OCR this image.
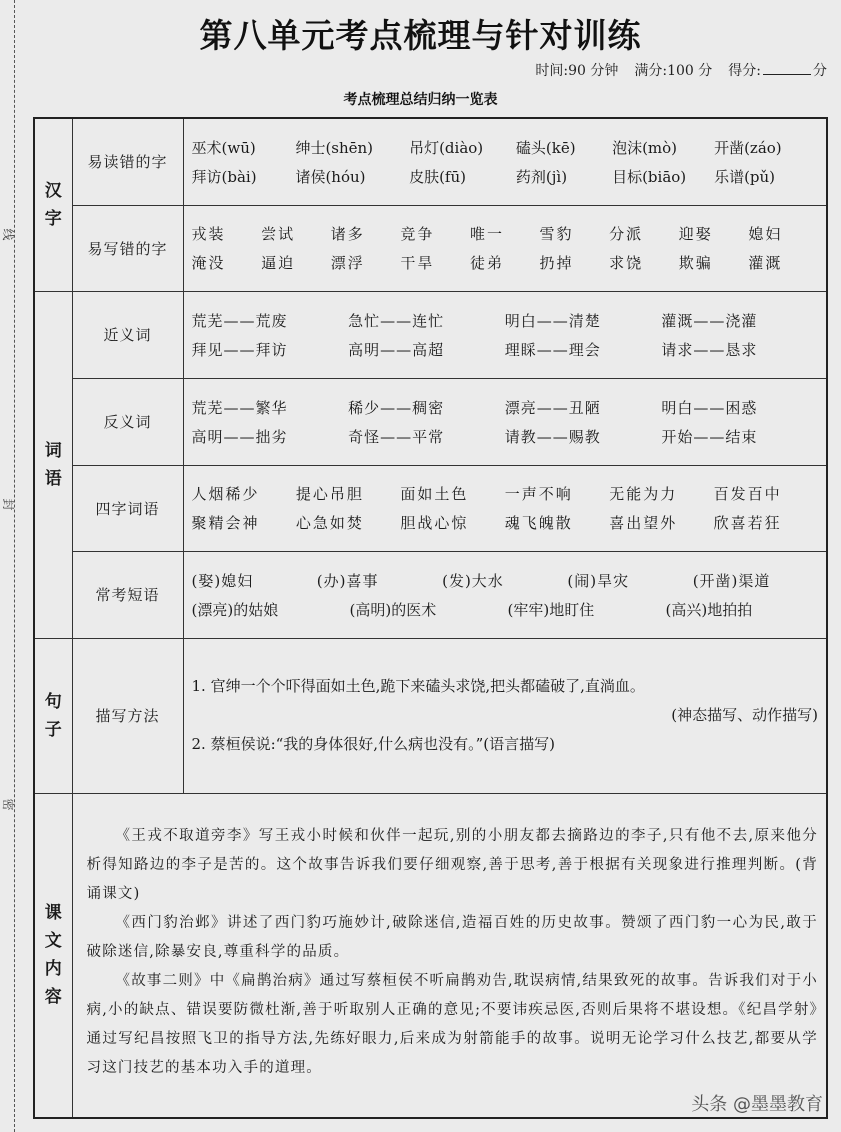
线
封
密
第八单元考点梳理与针对训练
时间:90 分钟 满分:100 分 得分:	分
考点梳理总结归纳一览表
汉字
	易读错的字	
巫术(wū)	绅士(shēn)	吊灯(diào)	磕头(kē)	泡沫(mò)	开凿(záo)
拜访(bài)	诸侯(hóu)	皮肤(fū)	药剂(jì)	目标(biāo)	乐谱(pǔ)

易写错的字	
戎装	尝试	诸多	竞争	唯一	雪豹	分派	迎娶	媳妇
淹没	逼迫	漂浮	干旱	徒弟	扔掉	求饶	欺骗	灌溉

词语
	近义词	
荒芜——荒废	急忙——连忙	明白——清楚	灌溉——浇灌
拜见——拜访	高明——高超	理睬——理会	请求——恳求

反义词	
荒芜——繁华	稀少——稠密	漂亮——丑陋	明白——困惑
高明——拙劣	奇怪——平常	请教——赐教	开始——结束

四字词语	
人烟稀少	提心吊胆	面如土色	一声不响	无能为力	百发百中
聚精会神	心急如焚	胆战心惊	魂飞魄散	喜出望外	欣喜若狂

常考短语	
(娶)媳妇	(办)喜事	(发)大水	(闹)旱灾	(开凿)渠道
(漂亮)的姑娘	(高明)的医术	(牢牢)地盯住	(高兴)地拍拍

句子	描写方法	1. 官绅一个个吓得面如土色,跪下来磕头求饶,把头都磕破了,直淌血。
(神态描写、动作描写)
2. 蔡桓侯说:“我的身体很好,什么病也没有。”(语言描写)

课文内容	《王戎不取道旁李》写王戎小时候和伙伴一起玩,别的小朋友都去摘路边的李子,只有他不去,原来他分析得知路边的李子是苦的。这个故事告诉我们要仔细观察,善于思考,善于根据有关现象进行推理判断。(背诵课文)

《西门豹治邺》讲述了西门豹巧施妙计,破除迷信,造福百姓的历史故事。赞颂了西门豹一心为民,敢于破除迷信,除暴安良,尊重科学的品质。

《故事二则》中《扁鹊治病》通过写蔡桓侯不听扁鹊劝告,耽误病情,结果致死的故事。告诉我们对于小病,小的缺点、错误要防微杜渐,善于听取别人正确的意见;不要讳疾忌医,否则后果将不堪设想。《纪昌学射》通过写纪昌按照飞卫的指导方法,先练好眼力,后来成为射箭能手的故事。说明无论学习什么技艺,都要从学习这门技艺的基本功入手的道理。	

头条 @墨墨教育
